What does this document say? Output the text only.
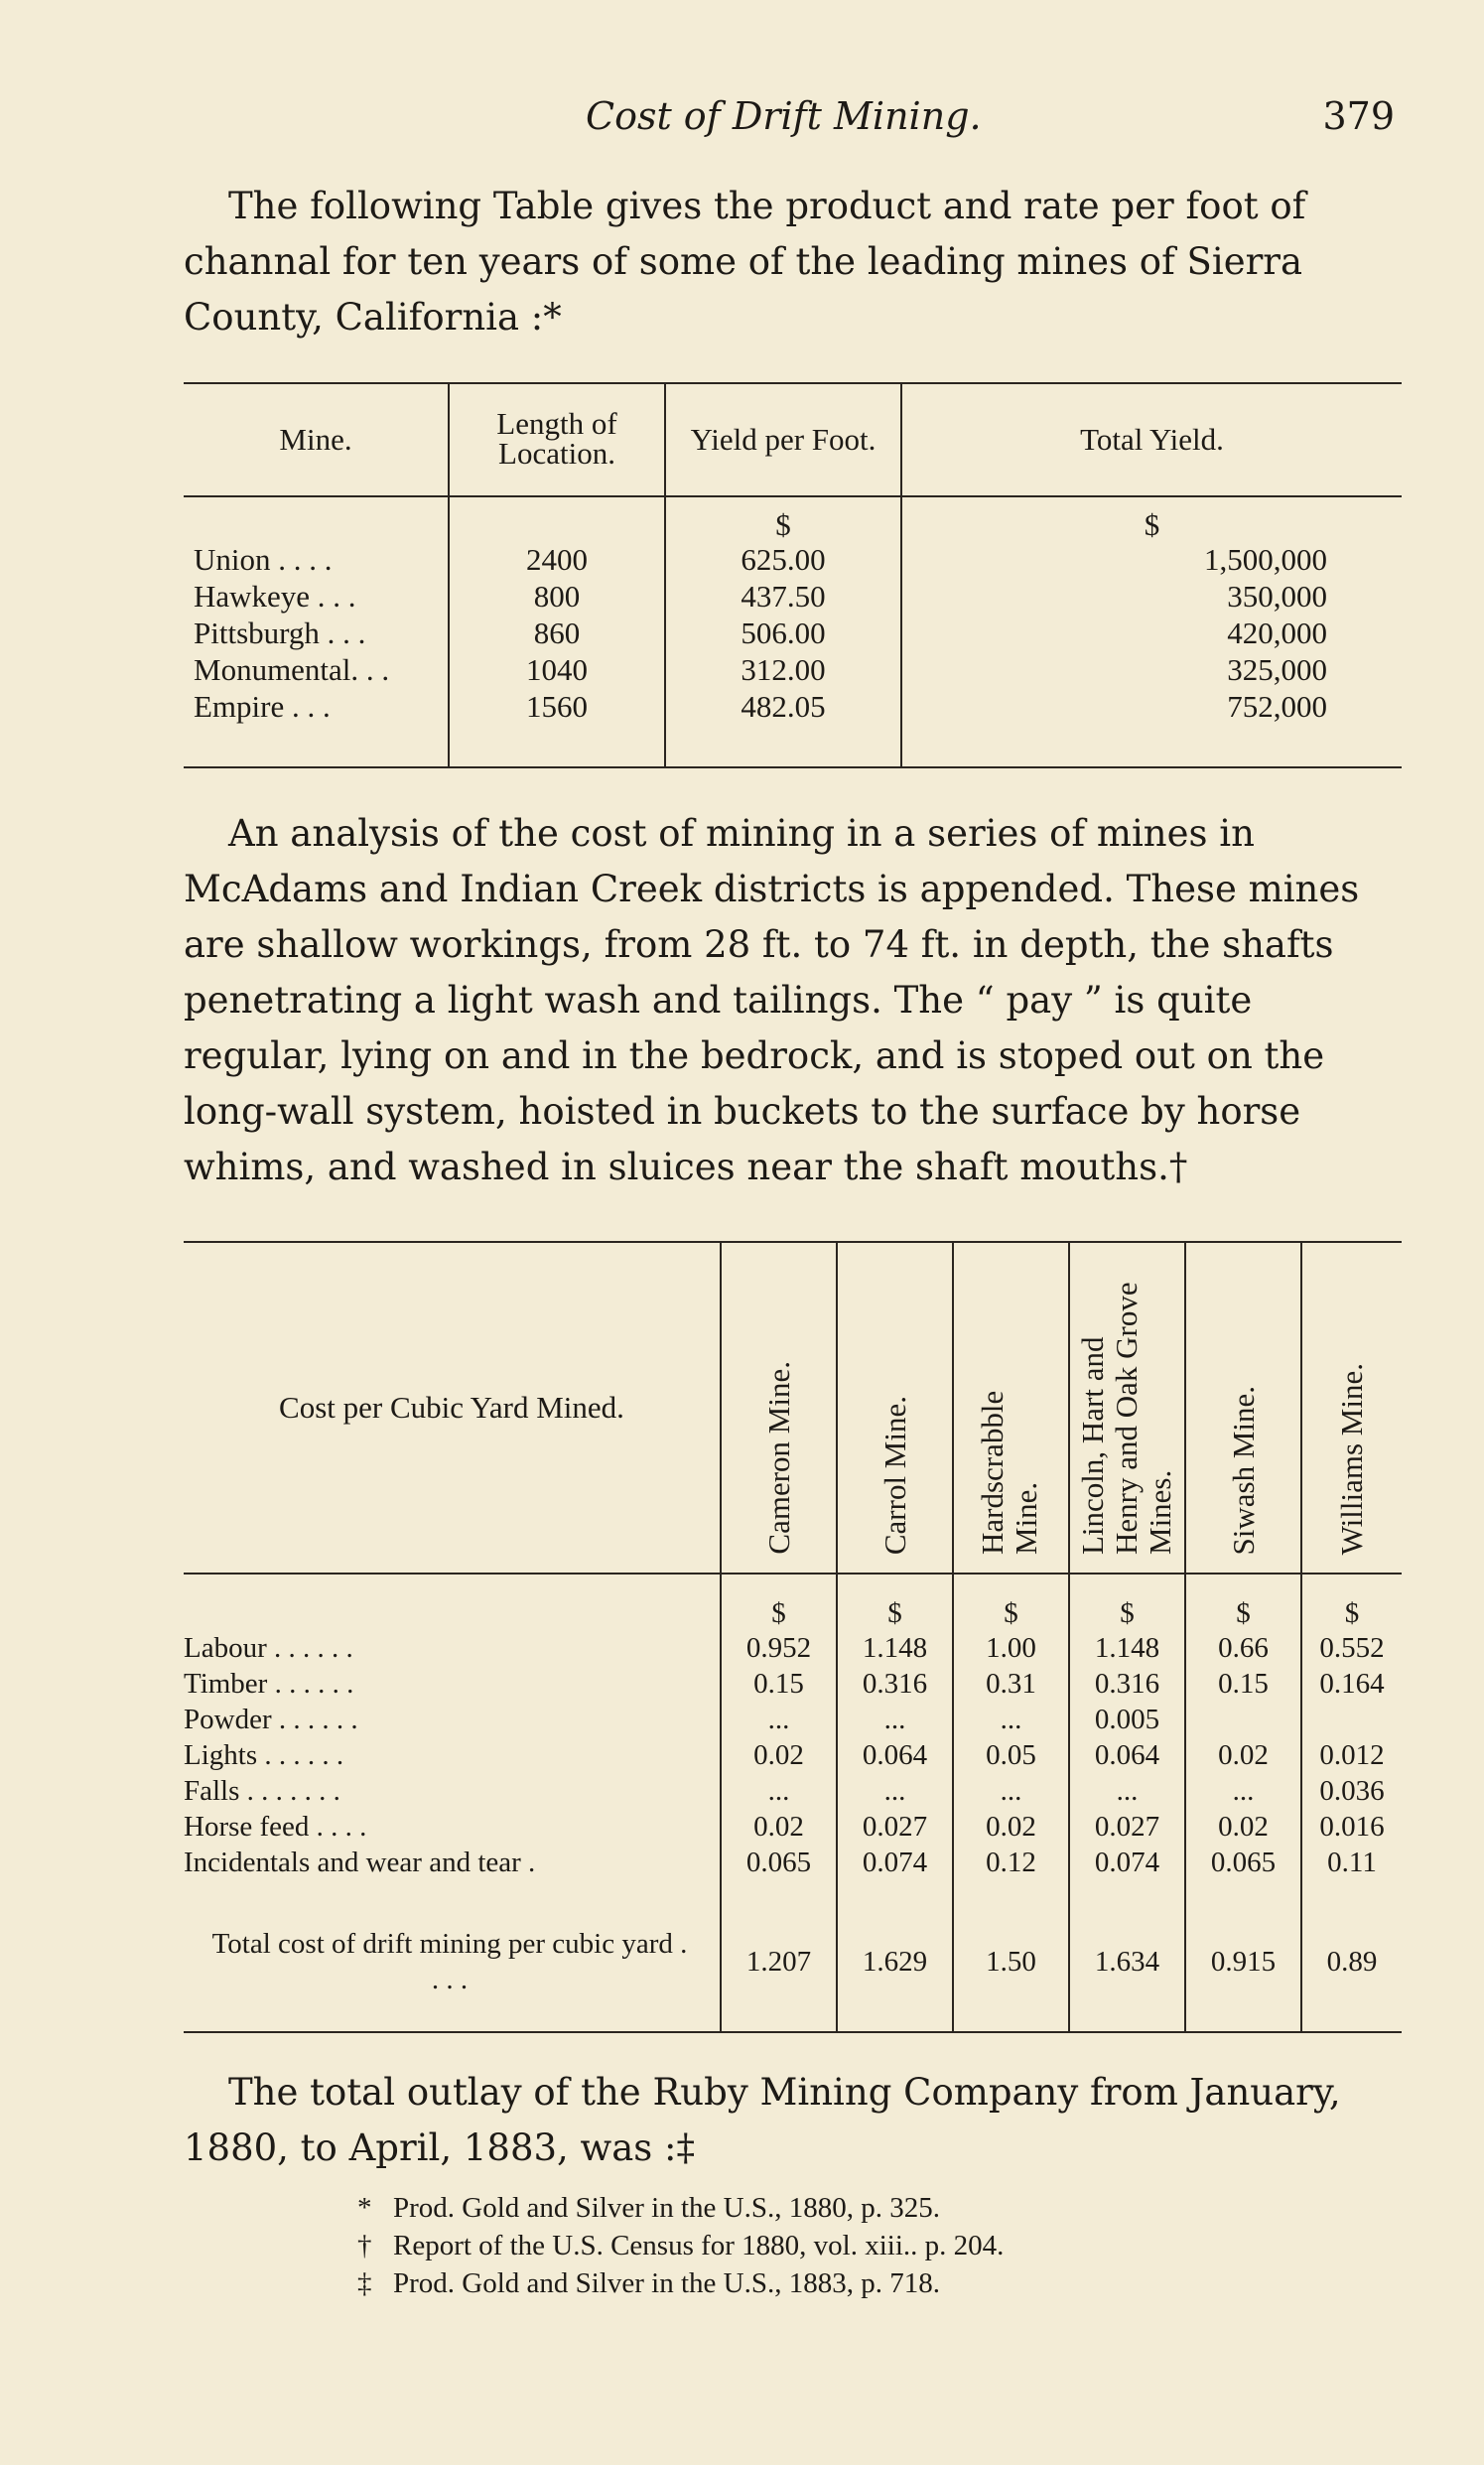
Cost of Drift Mining.	379
The following Table gives the product and rate per foot of
channal for ten years of some of the leading mines of Sierra
County, California :*
Mine.	Length of Location.	Yield per Foot.	Total Yield.
		$	$
Union . . . .	2400	625.00	1,500,000
Hawkeye . . .	800	437.50	350,000
Pittsburgh . . .	860	506.00	420,000
Monumental. . .	1040	312.00	325,000
Empire . . .	1560	482.05	752,000
An analysis of the cost of mining in a series of mines in
McAdams and Indian Creek districts is appended. These mines
are shallow workings, from 28 ft. to 74 ft. in depth, the shafts
penetrating a light wash and tailings. The “ pay ” is quite
regular, lying on and in the bedrock, and is stoped out on the
long-wall system, hoisted in buckets to the surface by horse
whims, and washed in sluices near the shaft mouths.†
Cost per Cubic Yard Mined.	Cameron Mine.	Carrol Mine.	Hardscrabble Mine.	Lincoln, Hart and Henry and Oak Grove Mines.	Siwash Mine.	Williams Mine.
	$	$	$	$	$	$
Labour . . . . . .	0.952	1.148	1.00	1.148	0.66	0.552
Timber . . . . . .	0.15	0.316	0.31	0.316	0.15	0.164
Powder . . . . . .	...	...	...	0.005		
Lights . . . . . .	0.02	0.064	0.05	0.064	0.02	0.012
Falls . . . . . . .	...	...	...	...	...	0.036
Horse feed . . . .	0.02	0.027	0.02	0.027	0.02	0.016
Incidentals and wear and tear .	0.065	0.074	0.12	0.074	0.065	0.11
Total cost of drift mining per cubic yard . . . .	1.207	1.629	1.50	1.634	0.915	0.89
The total outlay of the Ruby Mining Company from January,
1880, to April, 1883, was :‡
* Prod. Gold and Silver in the U.S., 1880, p. 325.
† Report of the U.S. Census for 1880, vol. xiii.. p. 204.
‡ Prod. Gold and Silver in the U.S., 1883, p. 718.
